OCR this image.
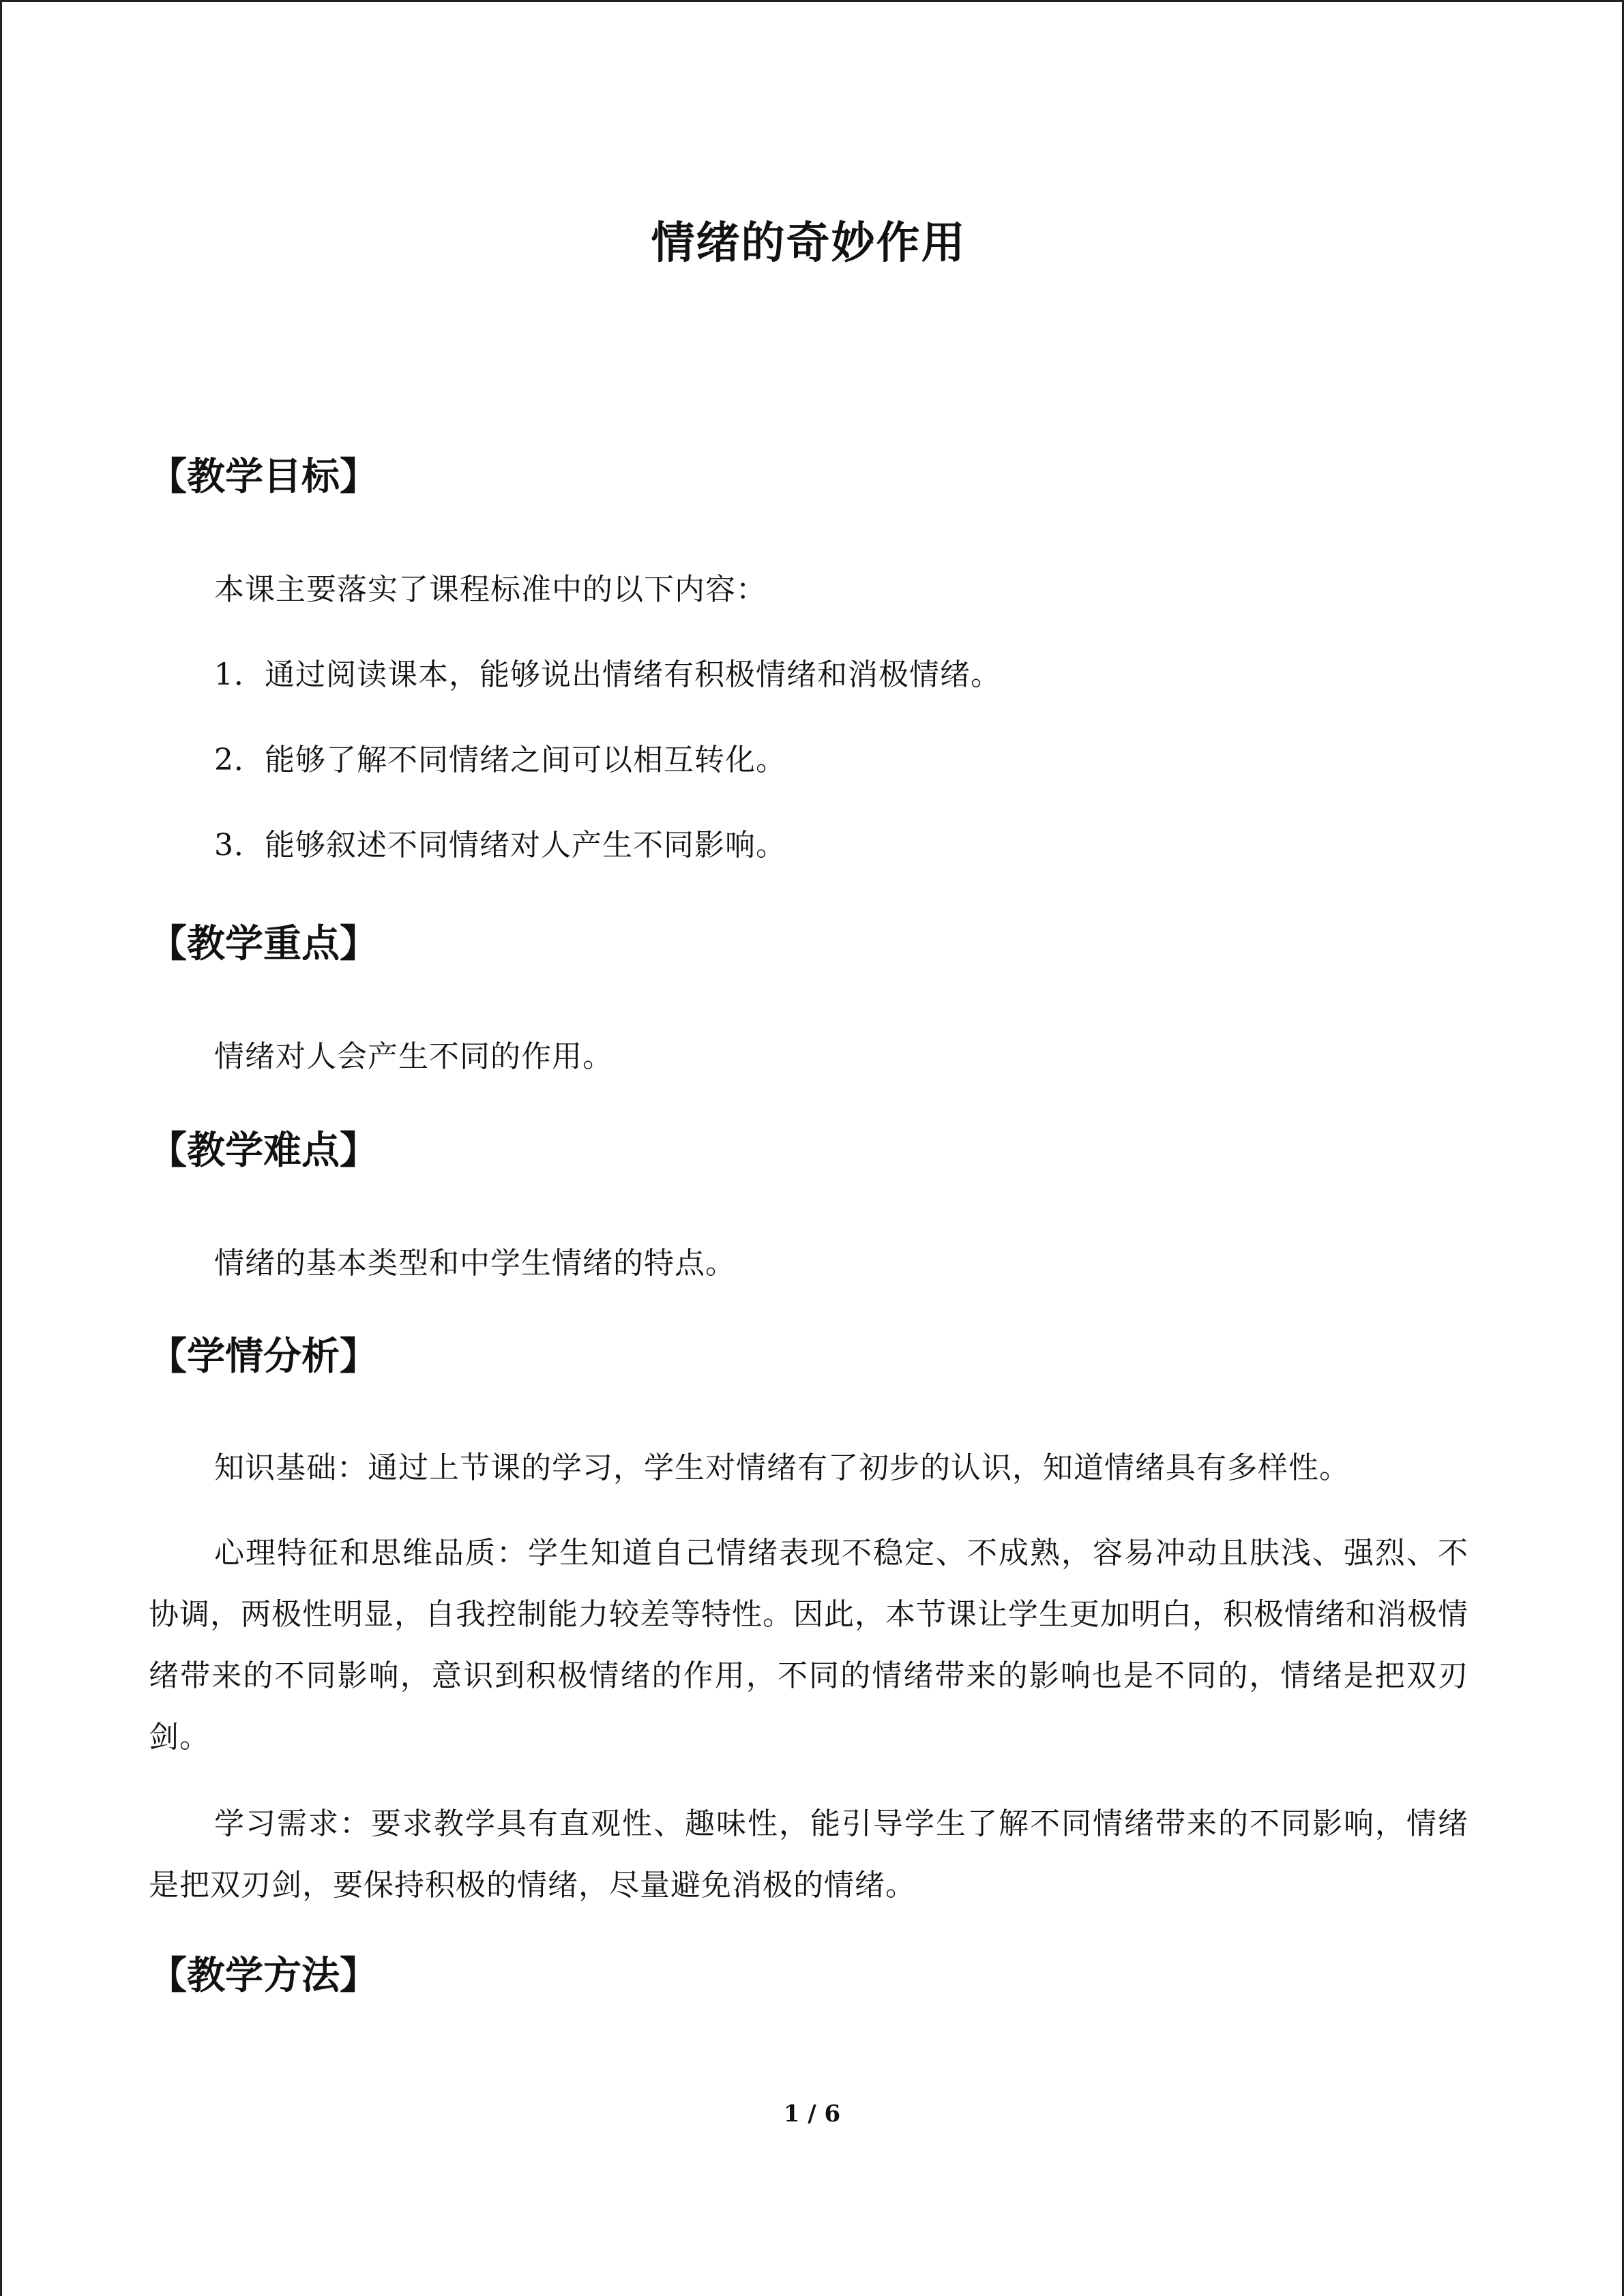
情绪的奇妙作用
【教学目标】
本课主要落实了课程标准中的以下内容：
1．通过阅读课本，能够说出情绪有积极情绪和消极情绪。
2．能够了解不同情绪之间可以相互转化。
3．能够叙述不同情绪对人产生不同影响。
【教学重点】
情绪对人会产生不同的作用。
【教学难点】
情绪的基本类型和中学生情绪的特点。
【学情分析】
知识基础：通过上节课的学习，学生对情绪有了初步的认识，知道情绪具有多样性。
心理特征和思维品质：学生知道自己情绪表现不稳定、不成熟，容易冲动且肤浅、强烈、不协调，两极性明显，自我控制能力较差等特性。因此，本节课让学生更加明白，积极情绪和消极情绪带来的不同影响，意识到积极情绪的作用，不同的情绪带来的影响也是不同的，情绪是把双刃剑。
学习需求：要求教学具有直观性、趣味性，能引导学生了解不同情绪带来的不同影响，情绪是把双刃剑，要保持积极的情绪，尽量避免消极的情绪。
【教学方法】
1 / 6
